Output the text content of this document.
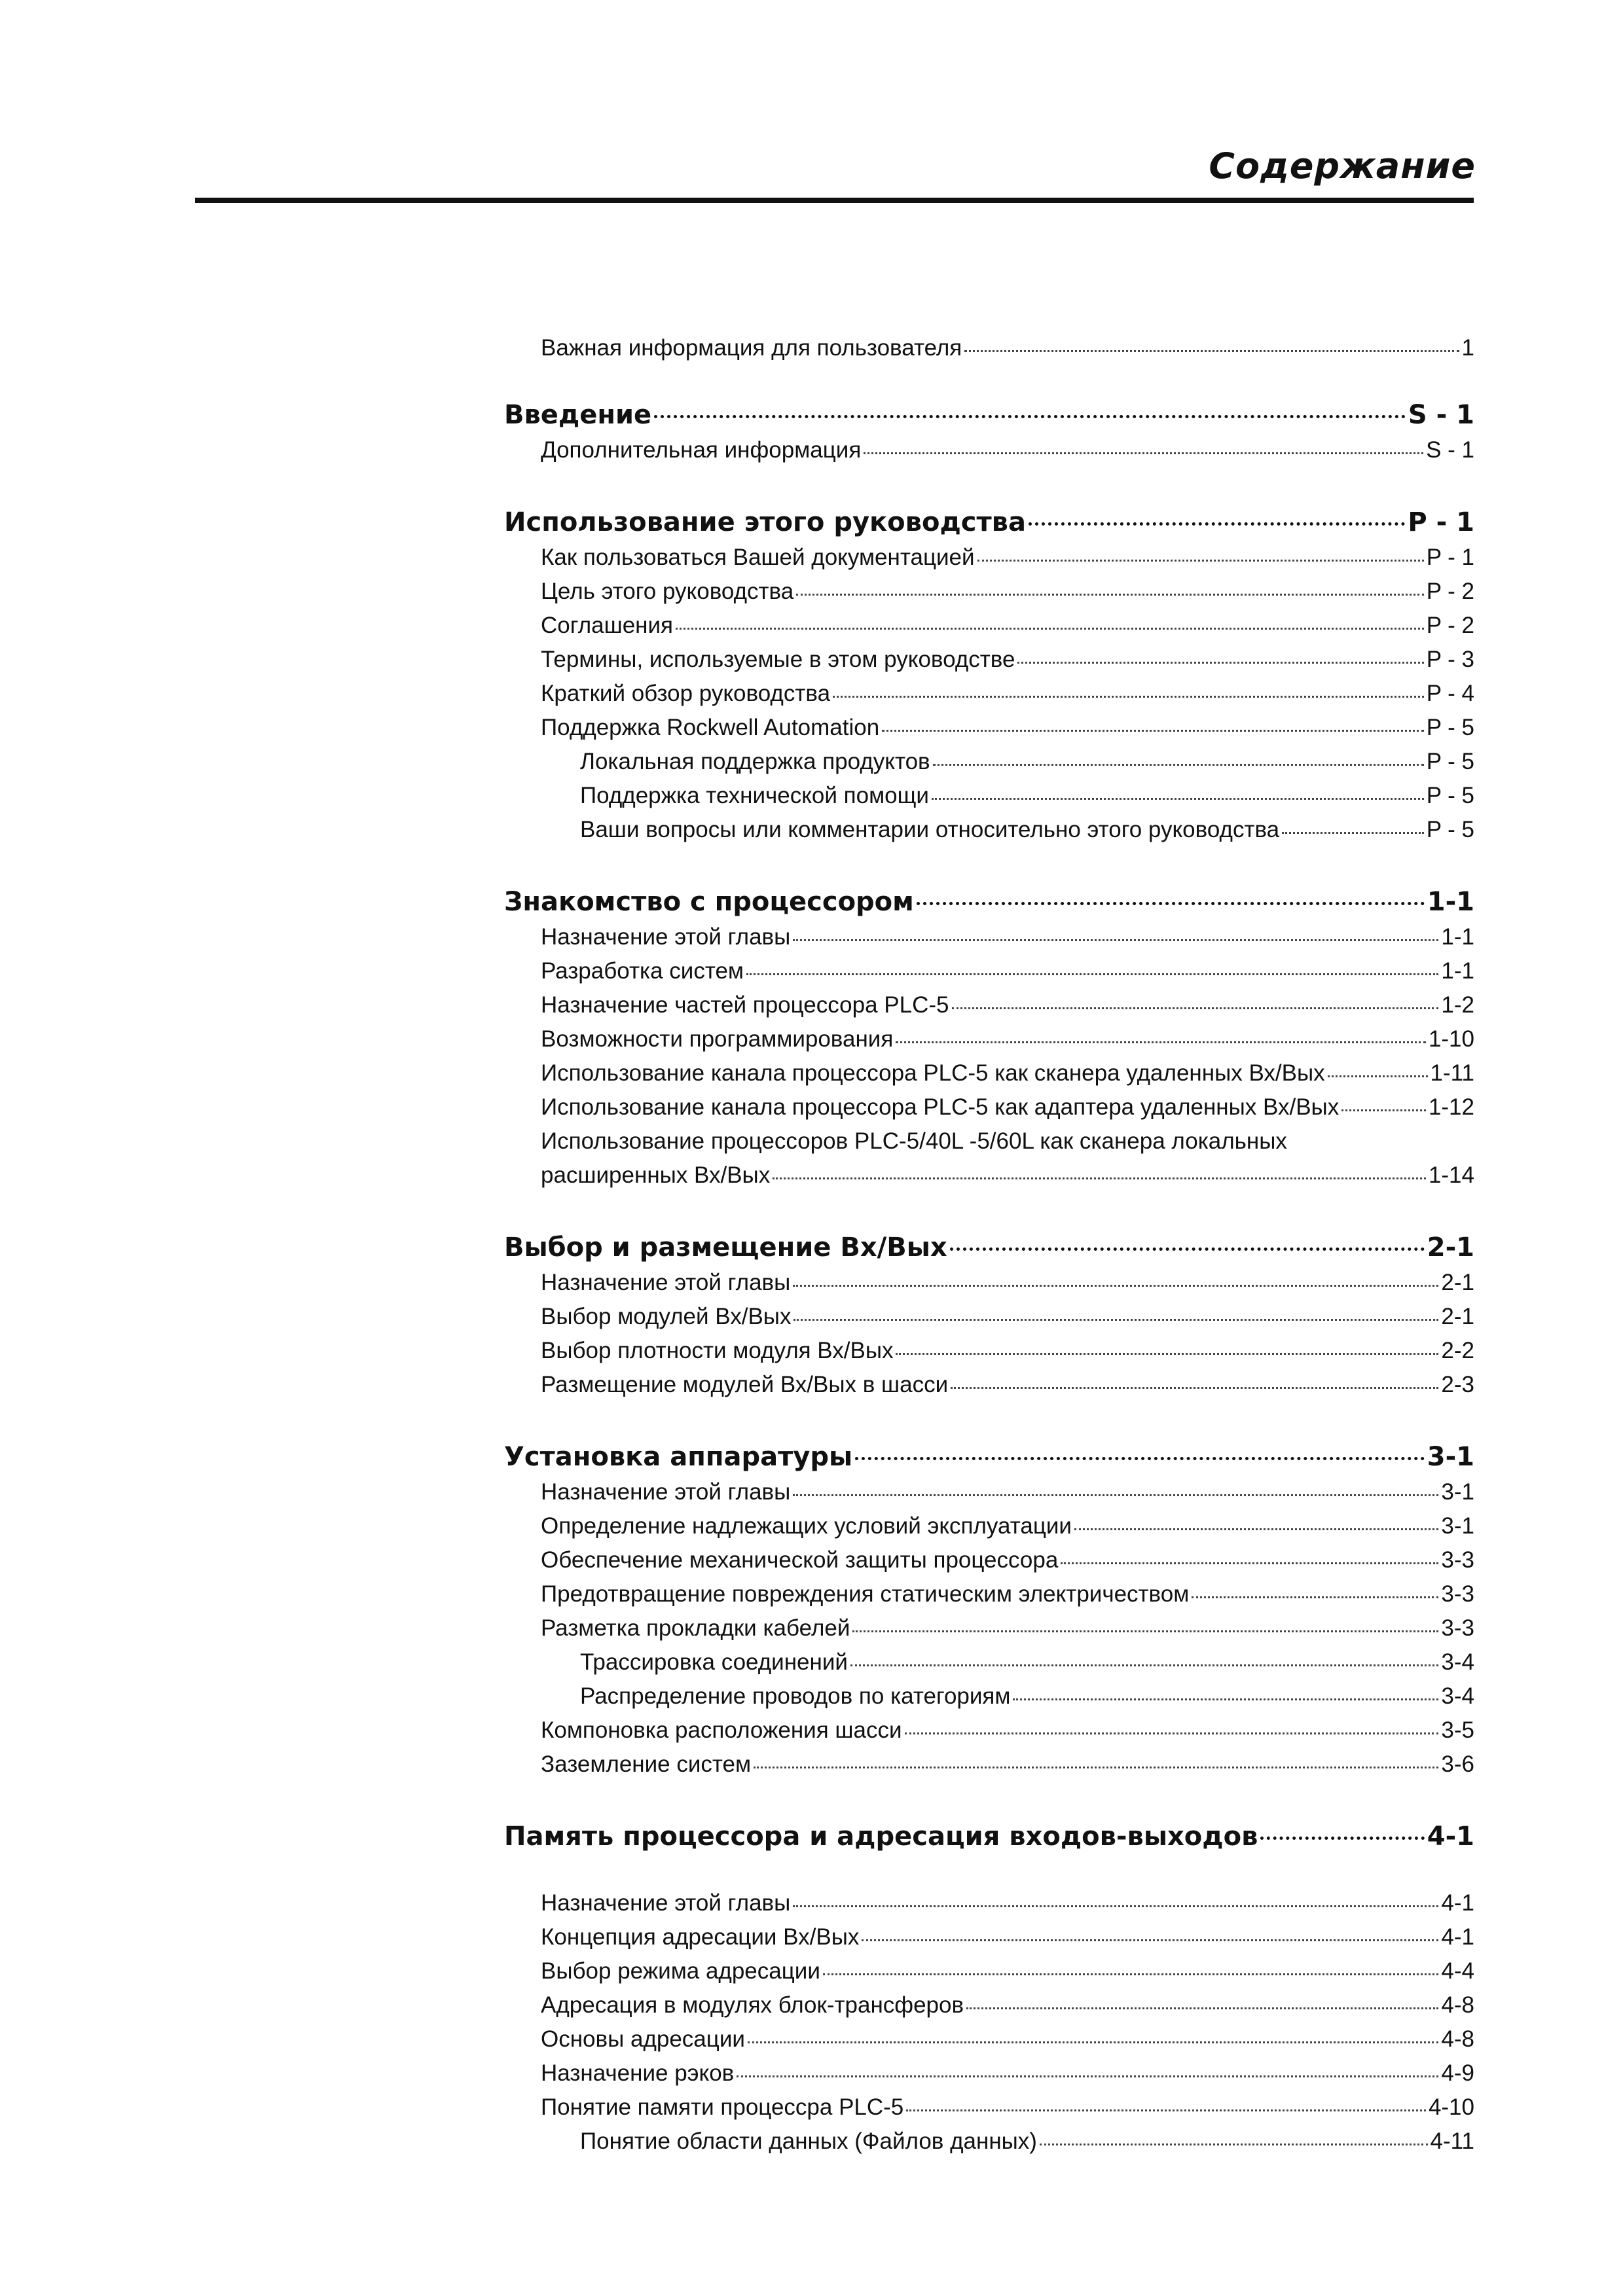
Содержание
Важная информация для пользователя	1
Введение	S - 1
Дополнительная информация	S - 1
Использование этого руководства	P - 1
Как пользоваться Вашей документацией	P - 1
Цель этого руководства	P - 2
Соглашения	P - 2
Термины, используемые в этом руководстве	P - 3
Краткий обзор руководства	P - 4
Поддержка Rockwell Automation	P - 5
Локальная поддержка продуктов	P - 5
Поддержка технической помощи	P - 5
Ваши вопросы или комментарии относительно этого руководства	P - 5
Знакомство с процессором	1-1
Назначение этой главы	1-1
Разработка систем	1-1
Назначение частей процессора PLC-5	1-2
Возможности программирования	1-10
Использование канала процессора PLC-5 как сканера удаленных Вх/Вых	1-11
Использование канала процессора PLC-5 как адаптера удаленных Вх/Вых	1-12
Использование процессоров PLC-5/40L -5/60L как сканера локальных
расширенных Вх/Вых	1-14
Выбор и размещение Вх/Вых	2-1
Назначение этой главы	2-1
Выбор модулей Вх/Вых	2-1
Выбор плотности модуля Вх/Вых	2-2
Размещение модулей Вх/Вых в шасси	2-3
Установка аппаратуры	3-1
Назначение этой главы	3-1
Определение надлежащих условий эксплуатации	3-1
Обеспечение механической защиты процессора	3-3
Предотвращение повреждения статическим электричеством	3-3
Разметка прокладки кабелей	3-3
Трассировка соединений	3-4
Распределение проводов по категориям	3-4
Компоновка расположения шасси	3-5
Заземление систем	3-6
Память процессора и адресация входов-выходов	4-1
Назначение этой главы	4-1
Концепция адресации Вх/Вых	4-1
Выбор режима адресации	4-4
Адресация в модулях блок-трансферов	4-8
Основы адресации	4-8
Назначение рэков	4-9
Понятие памяти процессра PLC-5	4-10
Понятие области данных (Файлов данных)	4-11
